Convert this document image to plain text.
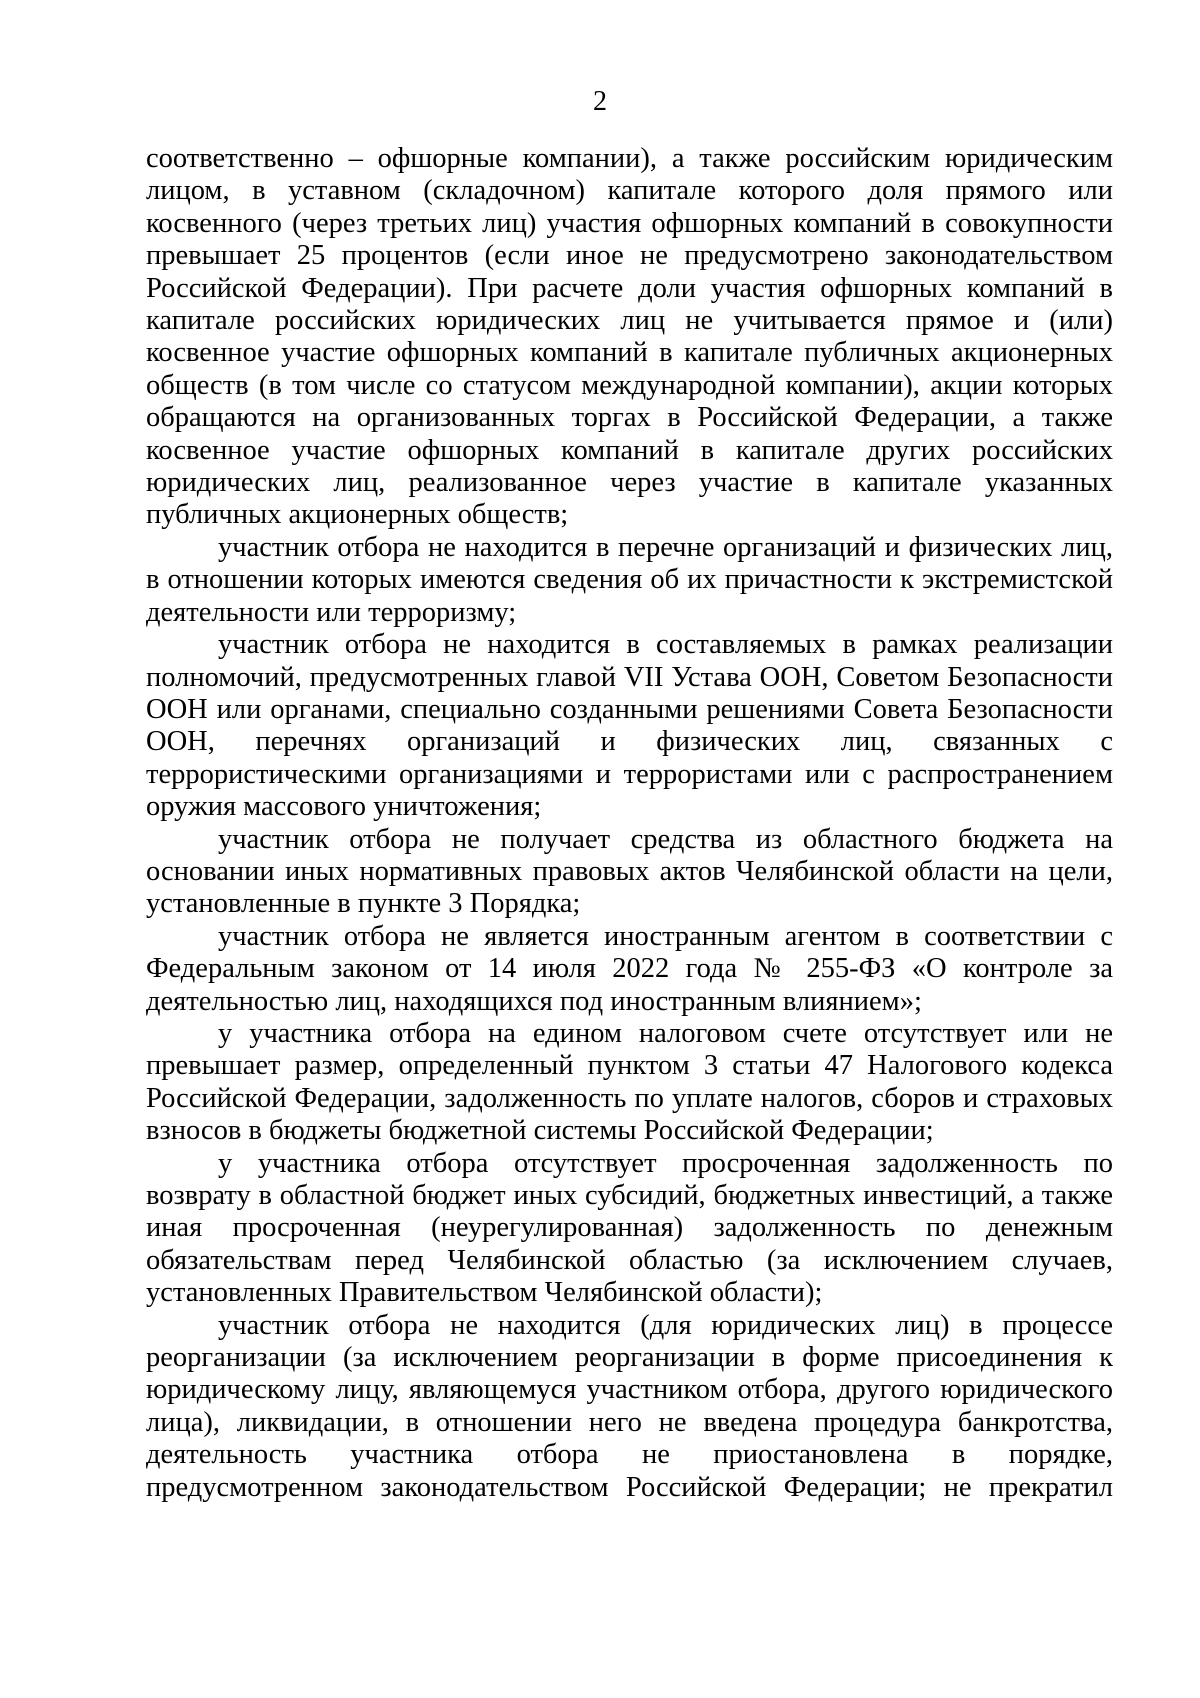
2

соответственно – офшорные компании), а также российским юридическим лицом, в уставном (складочном) капитале которого доля прямого или косвенного (через третьих лиц) участия офшорных компаний в совокупности превышает 25 процентов (если иное не предусмотрено законодательством Российской Федерации). При расчете доли участия офшорных компаний в капитале российских юридических лиц не учитывается прямое и (или) косвенное участие офшорных компаний в капитале публичных акционерных обществ (в том числе со статусом международной компании), акции которых обращаются на организованных торгах в Российской Федерации, а также косвенное участие офшорных компаний в капитале других российских юридических лиц, реализованное через участие в капитале указанных публичных акционерных обществ;

участник отбора не находится в перечне организаций и физических лиц, в отношении которых имеются сведения об их причастности к экстремистской деятельности или терроризму;

участник отбора не находится в составляемых в рамках реализации полномочий, предусмотренных главой VII Устава ООН, Советом Безопасности ООН или органами, специально созданными решениями Совета Безопасности ООН, перечнях организаций и физических лиц, связанных с террористическими организациями и террористами или с распространением оружия массового уничтожения;

участник отбора не получает средства из областного бюджета на основании иных нормативных правовых актов Челябинской области на цели, установленные в пункте 3 Порядка;

участник отбора не является иностранным агентом в соответствии с Федеральным законом от 14 июля 2022 года № 255-ФЗ «О контроле за деятельностью лиц, находящихся под иностранным влиянием»;

у участника отбора на едином налоговом счете отсутствует или не превышает размер, определенный пунктом 3 статьи 47 Налогового кодекса Российской Федерации, задолженность по уплате налогов, сборов и страховых взносов в бюджеты бюджетной системы Российской Федерации;

у участника отбора отсутствует просроченная задолженность по возврату в областной бюджет иных субсидий, бюджетных инвестиций, а также иная просроченная (неурегулированная) задолженность по денежным обязательствам перед Челябинской областью (за исключением случаев, установленных Правительством Челябинской области);

участник отбора не находится (для юридических лиц) в процессе реорганизации (за исключением реорганизации в форме присоединения к юридическому лицу, являющемуся участником отбора, другого юридического лица), ликвидации, в отношении него не введена процедура банкротства, деятельность участника отбора не приостановлена в порядке, предусмотренном законодательством Российской Федерации; не прекратил
